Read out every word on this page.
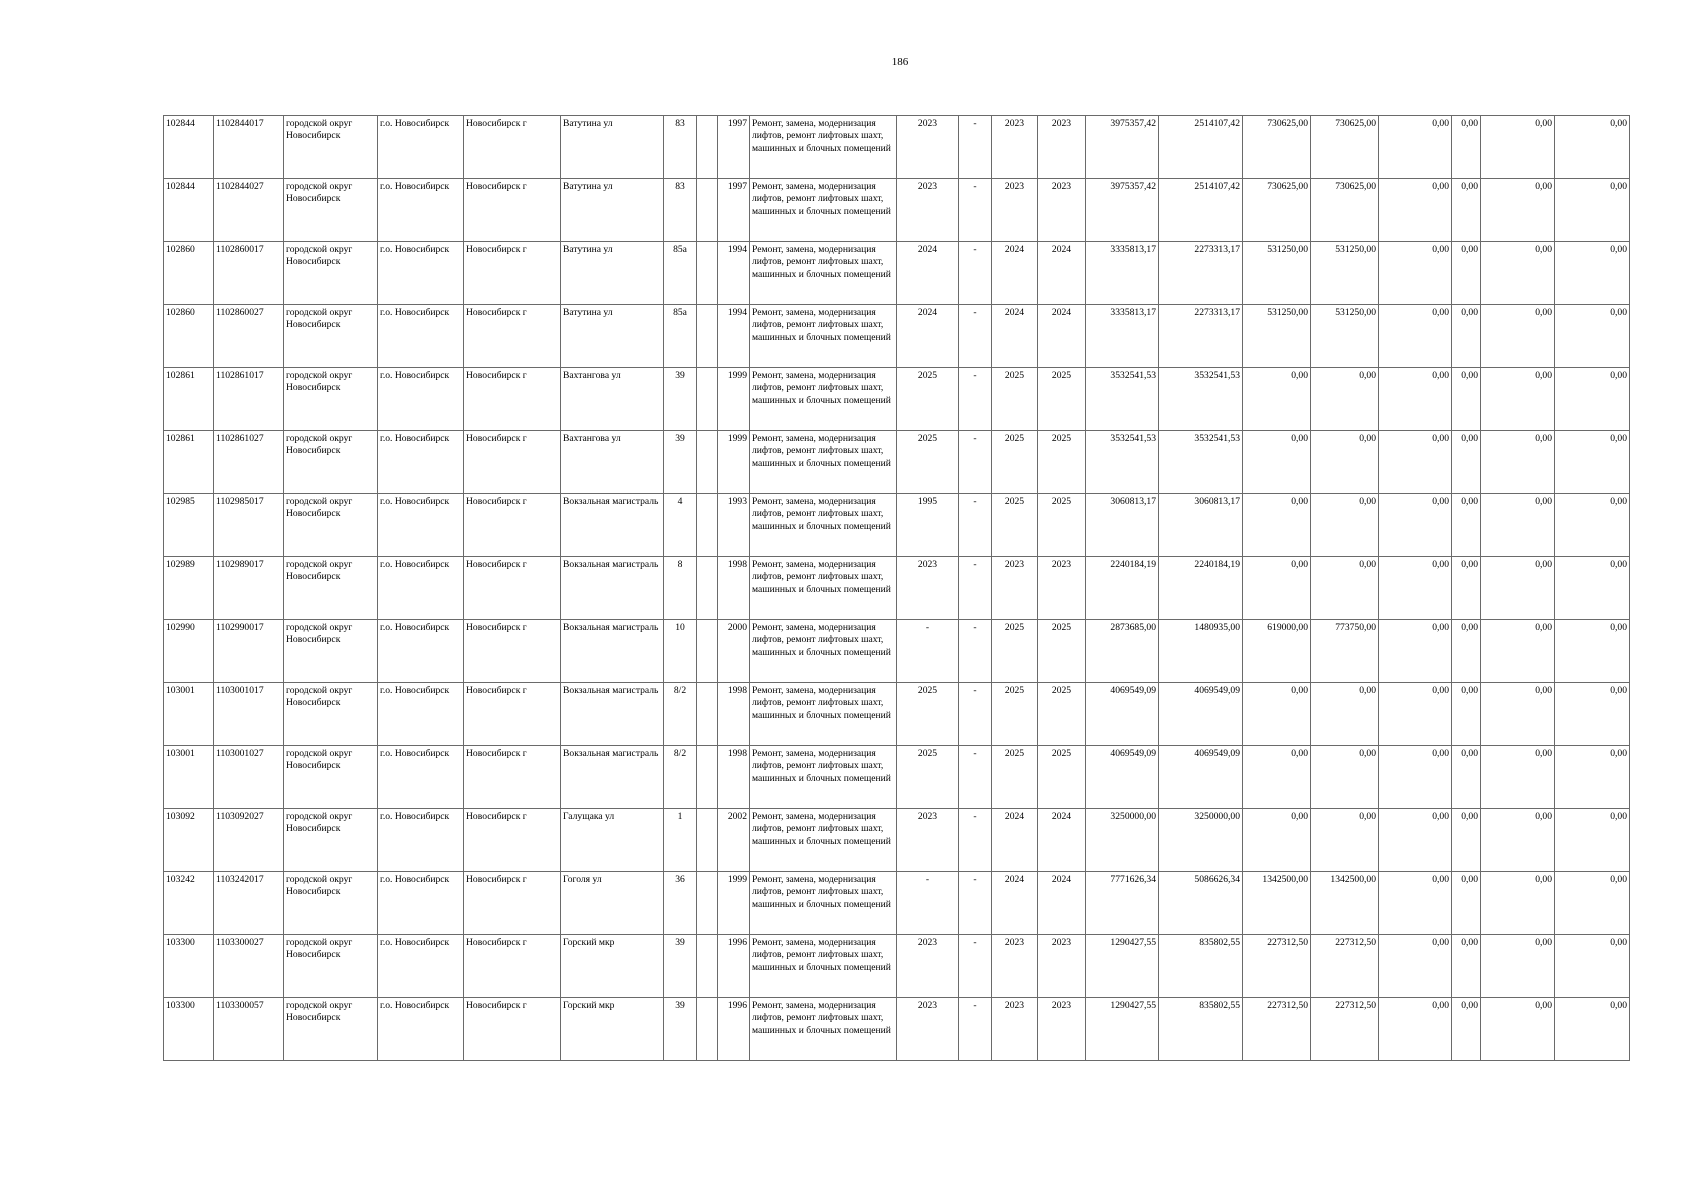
186
102844	1102844017	городской округ Новосибирск	г.о. Новосибирск	Новосибирск г	Ватутина ул	83		1997	Ремонт, замена, модернизация лифтов, ремонт лифтовых шахт, машинных и блочных помещений	2023	-	2023	2023	3975357,42	2514107,42	730625,00	730625,00	0,00	0,00	0,00	0,00
102844	1102844027	городской округ Новосибирск	г.о. Новосибирск	Новосибирск г	Ватутина ул	83		1997	Ремонт, замена, модернизация лифтов, ремонт лифтовых шахт, машинных и блочных помещений	2023	-	2023	2023	3975357,42	2514107,42	730625,00	730625,00	0,00	0,00	0,00	0,00
102860	1102860017	городской округ Новосибирск	г.о. Новосибирск	Новосибирск г	Ватутина ул	85а		1994	Ремонт, замена, модернизация лифтов, ремонт лифтовых шахт, машинных и блочных помещений	2024	-	2024	2024	3335813,17	2273313,17	531250,00	531250,00	0,00	0,00	0,00	0,00
102860	1102860027	городской округ Новосибирск	г.о. Новосибирск	Новосибирск г	Ватутина ул	85а		1994	Ремонт, замена, модернизация лифтов, ремонт лифтовых шахт, машинных и блочных помещений	2024	-	2024	2024	3335813,17	2273313,17	531250,00	531250,00	0,00	0,00	0,00	0,00
102861	1102861017	городской округ Новосибирск	г.о. Новосибирск	Новосибирск г	Вахтангова ул	39		1999	Ремонт, замена, модернизация лифтов, ремонт лифтовых шахт, машинных и блочных помещений	2025	-	2025	2025	3532541,53	3532541,53	0,00	0,00	0,00	0,00	0,00	0,00
102861	1102861027	городской округ Новосибирск	г.о. Новосибирск	Новосибирск г	Вахтангова ул	39		1999	Ремонт, замена, модернизация лифтов, ремонт лифтовых шахт, машинных и блочных помещений	2025	-	2025	2025	3532541,53	3532541,53	0,00	0,00	0,00	0,00	0,00	0,00
102985	1102985017	городской округ Новосибирск	г.о. Новосибирск	Новосибирск г	Вокзальная магистраль	4		1993	Ремонт, замена, модернизация лифтов, ремонт лифтовых шахт, машинных и блочных помещений	1995	-	2025	2025	3060813,17	3060813,17	0,00	0,00	0,00	0,00	0,00	0,00
102989	1102989017	городской округ Новосибирск	г.о. Новосибирск	Новосибирск г	Вокзальная магистраль	8		1998	Ремонт, замена, модернизация лифтов, ремонт лифтовых шахт, машинных и блочных помещений	2023	-	2023	2023	2240184,19	2240184,19	0,00	0,00	0,00	0,00	0,00	0,00
102990	1102990017	городской округ Новосибирск	г.о. Новосибирск	Новосибирск г	Вокзальная магистраль	10		2000	Ремонт, замена, модернизация лифтов, ремонт лифтовых шахт, машинных и блочных помещений	-	-	2025	2025	2873685,00	1480935,00	619000,00	773750,00	0,00	0,00	0,00	0,00
103001	1103001017	городской округ Новосибирск	г.о. Новосибирск	Новосибирск г	Вокзальная магистраль	8/2		1998	Ремонт, замена, модернизация лифтов, ремонт лифтовых шахт, машинных и блочных помещений	2025	-	2025	2025	4069549,09	4069549,09	0,00	0,00	0,00	0,00	0,00	0,00
103001	1103001027	городской округ Новосибирск	г.о. Новосибирск	Новосибирск г	Вокзальная магистраль	8/2		1998	Ремонт, замена, модернизация лифтов, ремонт лифтовых шахт, машинных и блочных помещений	2025	-	2025	2025	4069549,09	4069549,09	0,00	0,00	0,00	0,00	0,00	0,00
103092	1103092027	городской округ Новосибирск	г.о. Новосибирск	Новосибирск г	Галущака ул	1		2002	Ремонт, замена, модернизация лифтов, ремонт лифтовых шахт, машинных и блочных помещений	2023	-	2024	2024	3250000,00	3250000,00	0,00	0,00	0,00	0,00	0,00	0,00
103242	1103242017	городской округ Новосибирск	г.о. Новосибирск	Новосибирск г	Гоголя ул	36		1999	Ремонт, замена, модернизация лифтов, ремонт лифтовых шахт, машинных и блочных помещений	-	-	2024	2024	7771626,34	5086626,34	1342500,00	1342500,00	0,00	0,00	0,00	0,00
103300	1103300027	городской округ Новосибирск	г.о. Новосибирск	Новосибирск г	Горский мкр	39		1996	Ремонт, замена, модернизация лифтов, ремонт лифтовых шахт, машинных и блочных помещений	2023	-	2023	2023	1290427,55	835802,55	227312,50	227312,50	0,00	0,00	0,00	0,00
103300	1103300057	городской округ Новосибирск	г.о. Новосибирск	Новосибирск г	Горский мкр	39		1996	Ремонт, замена, модернизация лифтов, ремонт лифтовых шахт, машинных и блочных помещений	2023	-	2023	2023	1290427,55	835802,55	227312,50	227312,50	0,00	0,00	0,00	0,00
